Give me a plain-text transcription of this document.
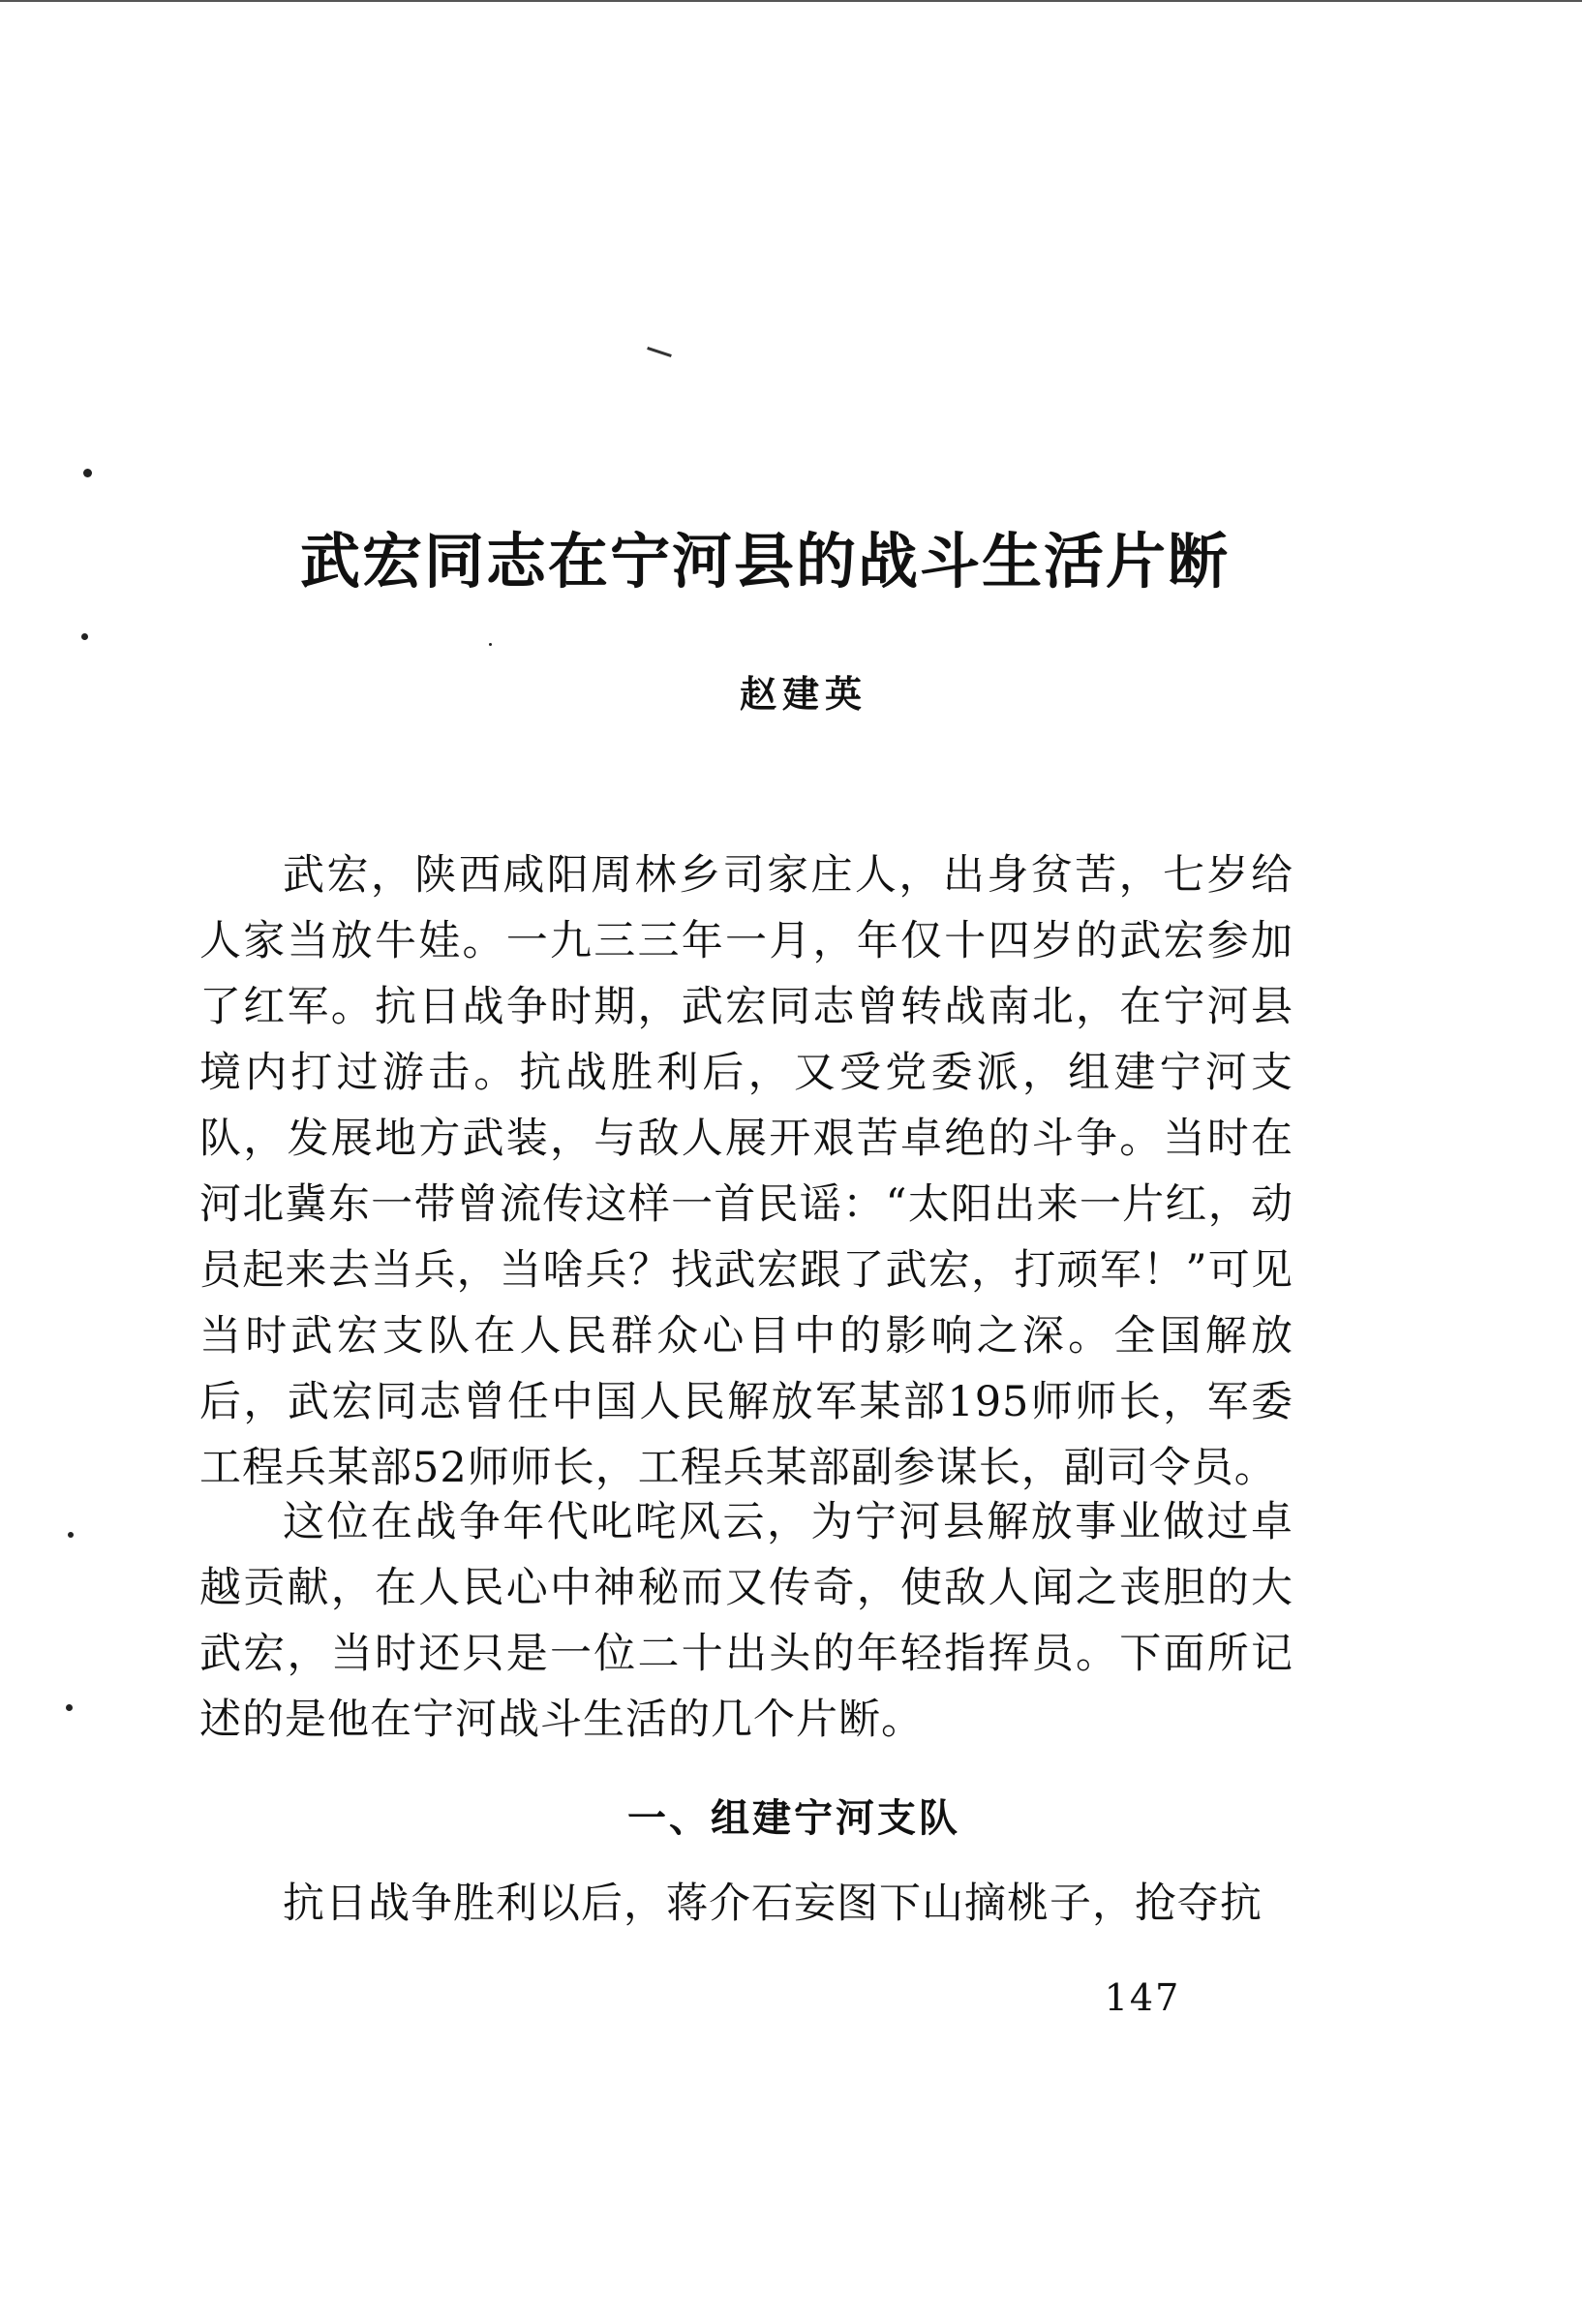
武宏同志在宁河县的战斗生活片断
赵建英

武宏，陕西咸阳周林乡司家庄人，出身贫苦，七岁给人家当放牛娃。一九三三年一月，年仅十四岁的武宏参加了红军。抗日战争时期，武宏同志曾转战南北，在宁河县境内打过游击。抗战胜利后，又受党委派，组建宁河支队，发展地方武装，与敌人展开艰苦卓绝的斗争。当时在河北冀东一带曾流传这样一首民谣：“太阳出来一片红，动员起来去当兵，当啥兵？找武宏跟了武宏，打顽军！”可见当时武宏支队在人民群众心目中的影响之深。全国解放后，武宏同志曾任中国人民解放军某部195师师长，军委工程兵某部52师师长，工程兵某部副参谋长，副司令员。

这位在战争年代叱咤风云，为宁河县解放事业做过卓越贡献，在人民心中神秘而又传奇，使敌人闻之丧胆的大武宏，当时还只是一位二十出头的年轻指挥员。下面所记述的是他在宁河战斗生活的几个片断。

一、组建宁河支队

抗日战争胜利以后，蒋介石妄图下山摘桃子，抢夺抗

147
